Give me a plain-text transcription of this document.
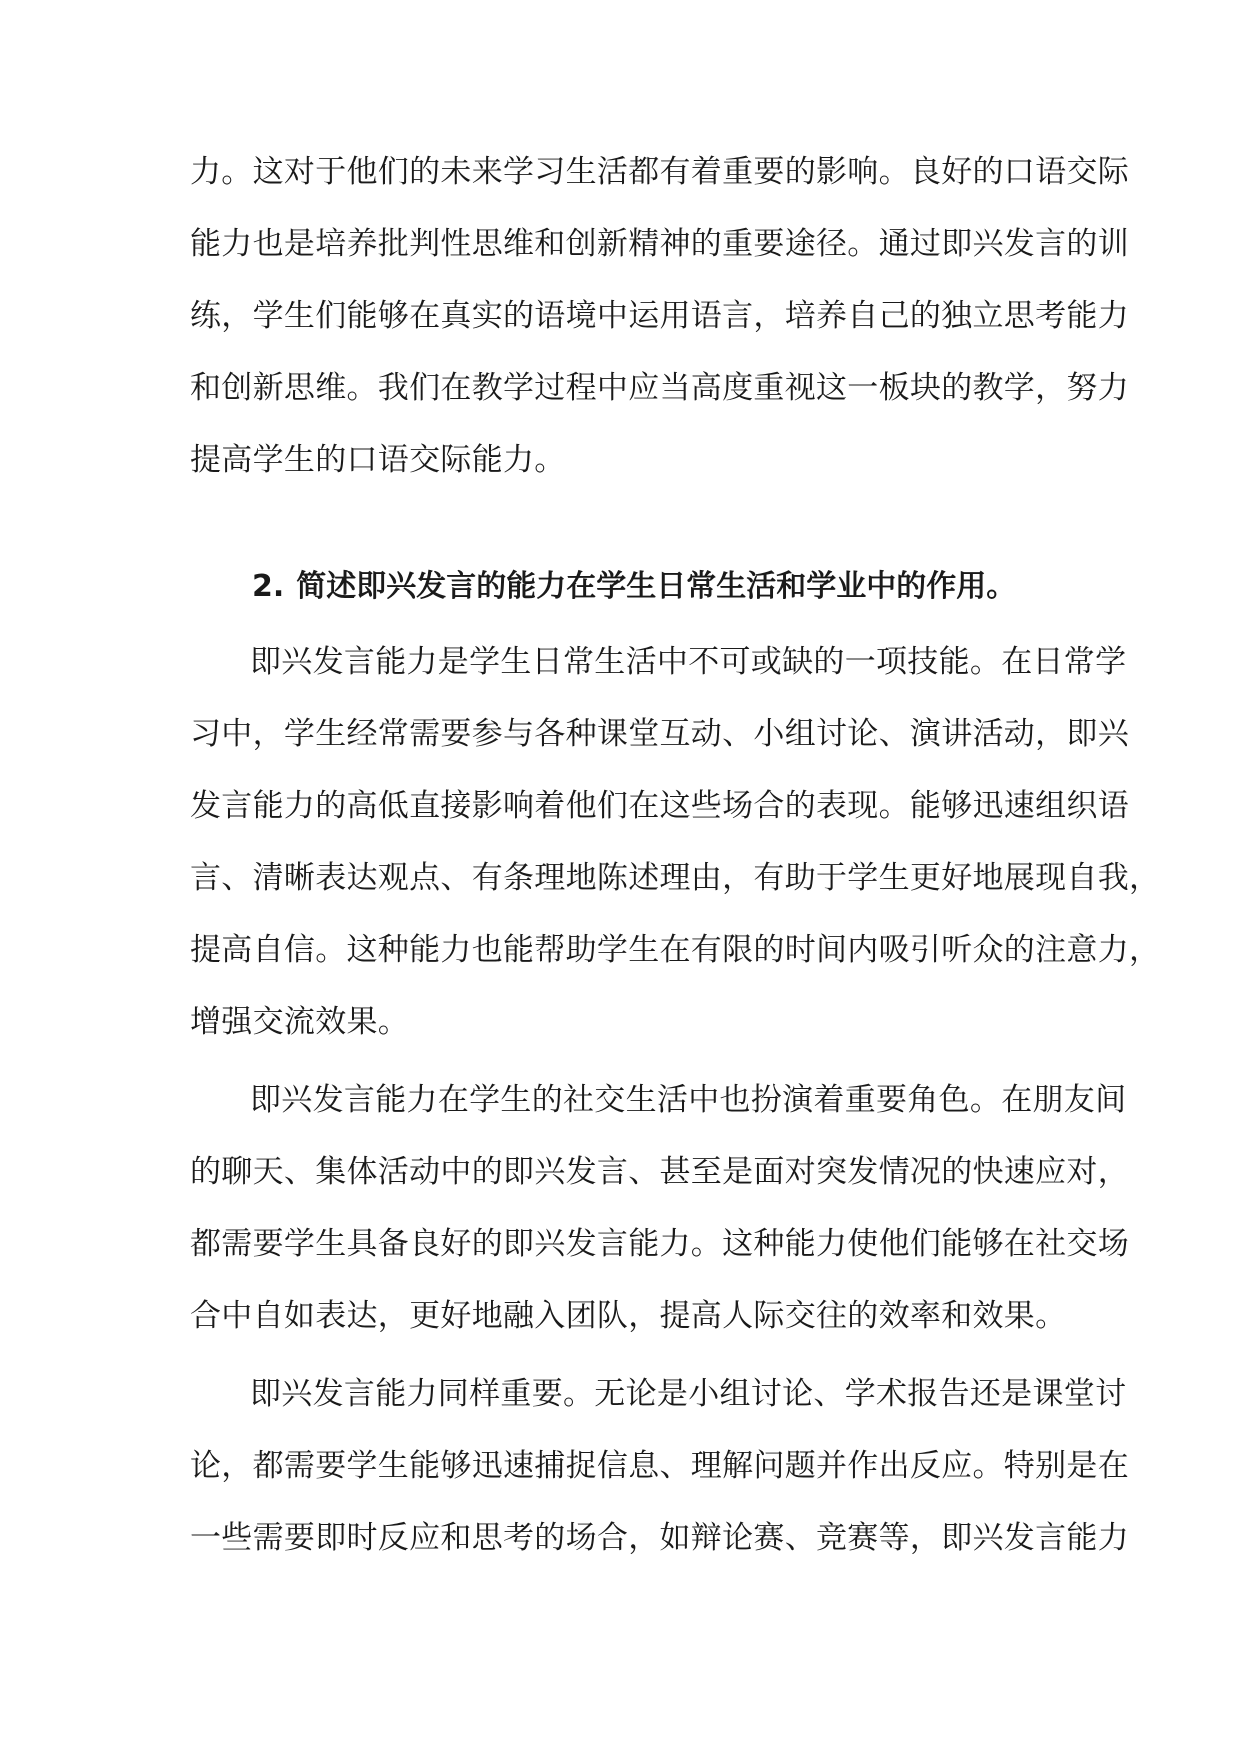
力。这对于他们的未来学习生活都有着重要的影响。良好的口语交际
能力也是培养批判性思维和创新精神的重要途径。通过即兴发言的训
练，学生们能够在真实的语境中运用语言，培养自己的独立思考能力
和创新思维。我们在教学过程中应当高度重视这一板块的教学，努力
提高学生的口语交际能力。
2. 简述即兴发言的能力在学生日常生活和学业中的作用。
即兴发言能力是学生日常生活中不可或缺的一项技能。在日常学
习中，学生经常需要参与各种课堂互动、小组讨论、演讲活动，即兴
发言能力的高低直接影响着他们在这些场合的表现。能够迅速组织语
言、清晰表达观点、有条理地陈述理由，有助于学生更好地展现自我，
提高自信。这种能力也能帮助学生在有限的时间内吸引听众的注意力，
增强交流效果。
即兴发言能力在学生的社交生活中也扮演着重要角色。在朋友间
的聊天、集体活动中的即兴发言、甚至是面对突发情况的快速应对，
都需要学生具备良好的即兴发言能力。这种能力使他们能够在社交场
合中自如表达，更好地融入团队，提高人际交往的效率和效果。
即兴发言能力同样重要。无论是小组讨论、学术报告还是课堂讨
论，都需要学生能够迅速捕捉信息、理解问题并作出反应。特别是在
一些需要即时反应和思考的场合，如辩论赛、竞赛等，即兴发言能力
